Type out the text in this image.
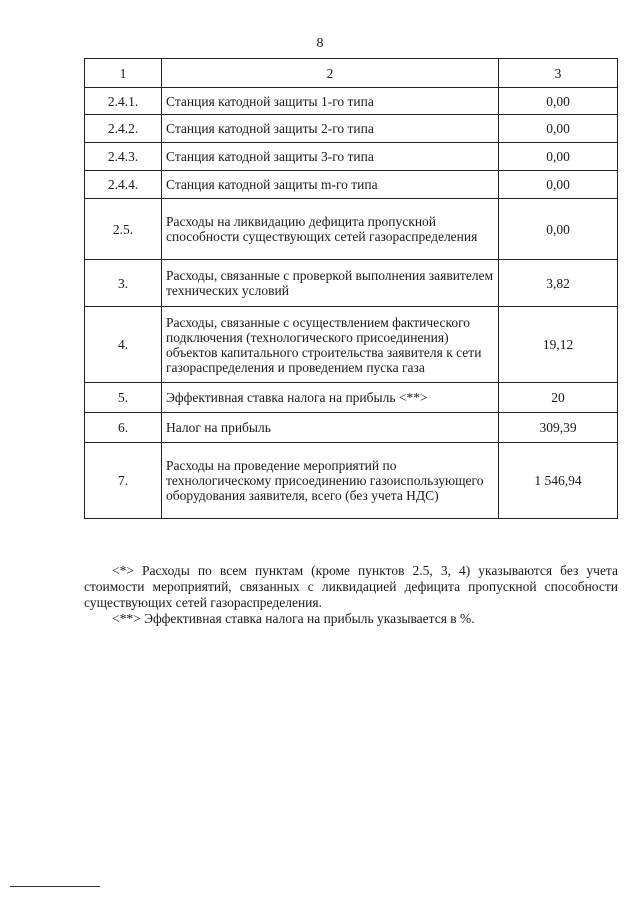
8
1	2	3
2.4.1.	Станция катодной защиты 1-го типа	0,00
2.4.2.	Станция катодной защиты 2-го типа	0,00
2.4.3.	Станция катодной защиты 3-го типа	0,00
2.4.4.	Станция катодной защиты m-го типа	0,00
2.5.	Расходы на ликвидацию дефицита пропускной способности существующих сетей газораспределения	0,00
3.	Расходы, связанные с проверкой выполнения заявителем технических условий	3,82
4.	Расходы, связанные с осуществлением фактического подключения (технологического присоединения) объектов капитального строительства заявителя к сети газораспределения и проведением пуска газа	19,12
5.	Эффективная ставка налога на прибыль <**>	20
6.	Налог на прибыль	309,39
7.	Расходы на проведение мероприятий по технологическому присоединению газоиспользующего оборудования заявителя, всего (без учета НДС)	1 546,94

<*> Расходы по всем пунктам (кроме пунктов 2.5, 3, 4) указываются без учета стоимости мероприятий, связанных с ликвидацией дефицита пропускной способности существующих сетей газораспределения.

<**> Эффективная ставка налога на прибыль указывается в %.
